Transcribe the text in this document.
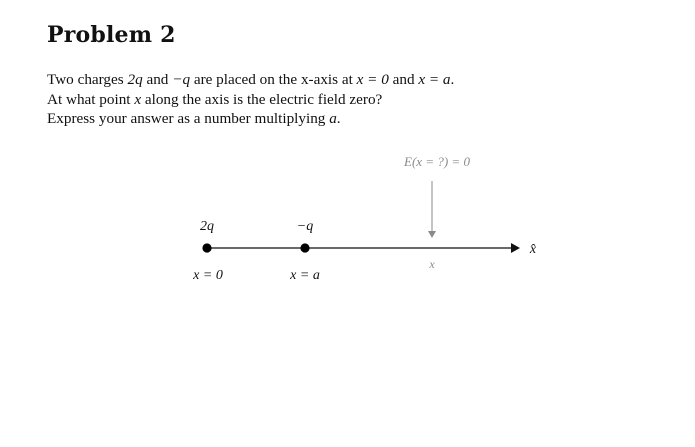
Problem 2

Two charges 2q and −q are placed on the x-axis at x = 0 and x = a.

At what point x along the axis is the electric field zero?

Express your answer as a number multiplying a.

E(x = ?) = 0
x̂
2q	−q
x = 0	x = a
x
